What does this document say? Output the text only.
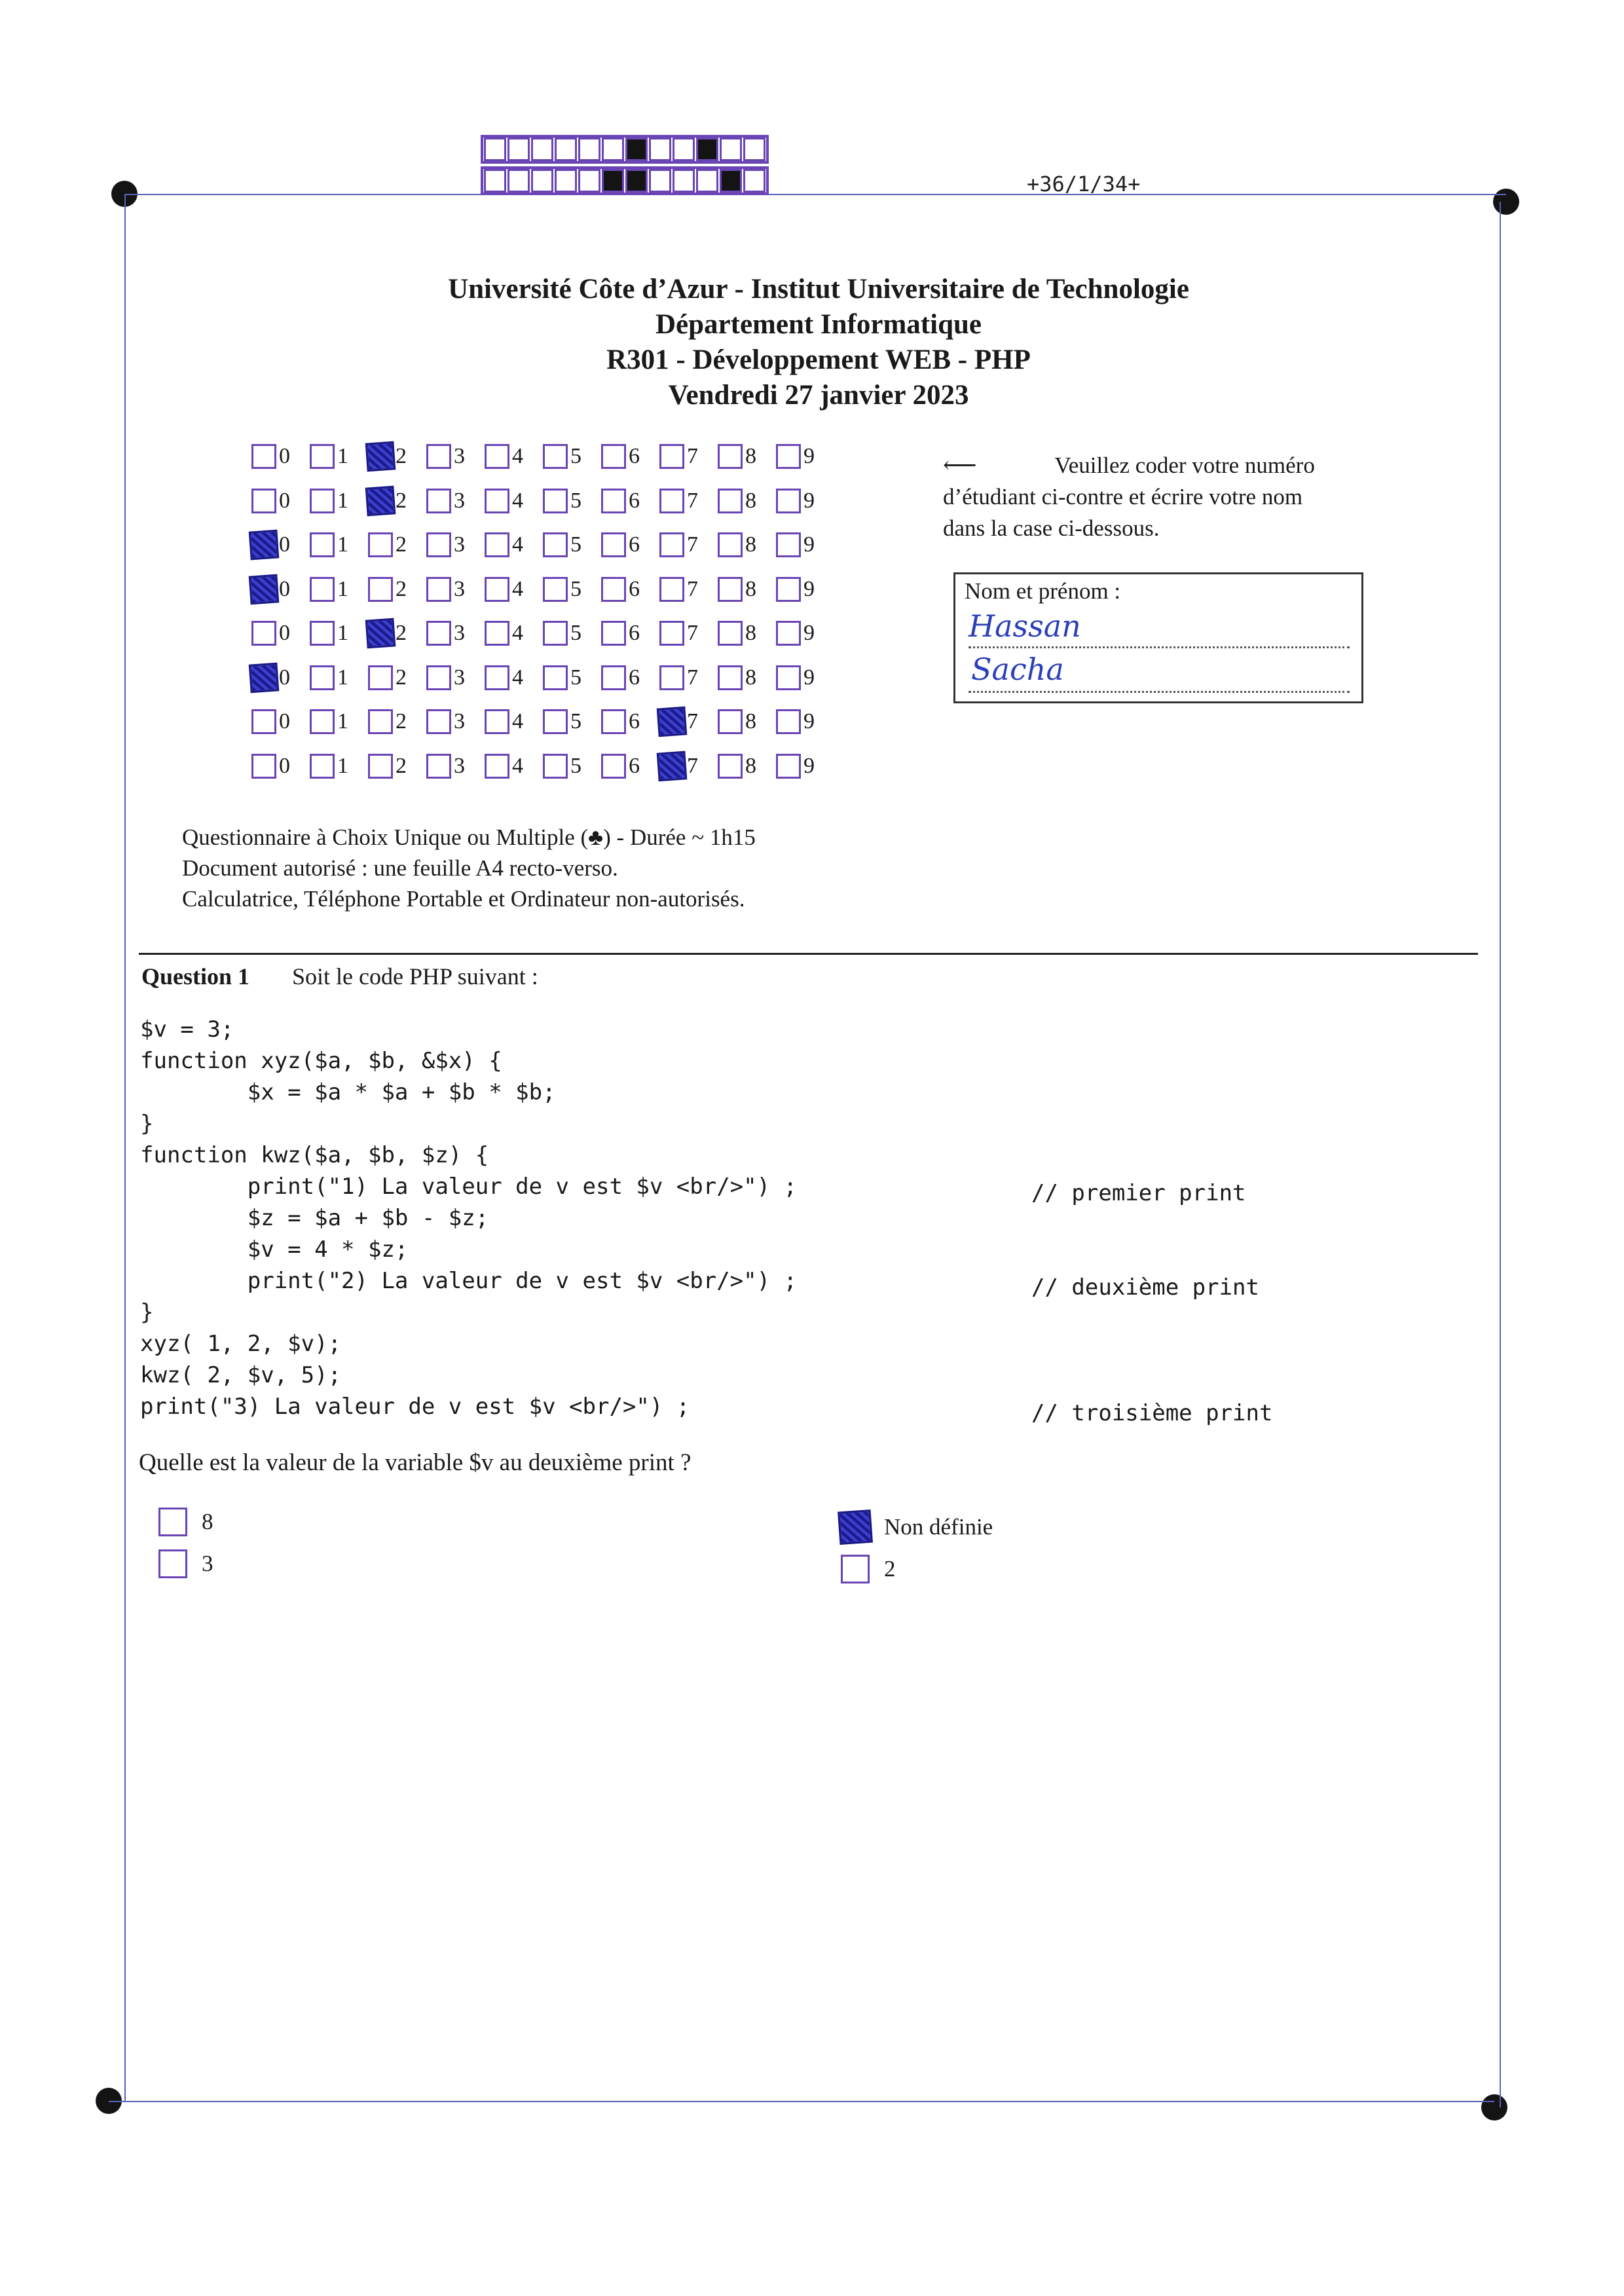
+36/1/34+
Université Côte d’Azur - Institut Universitaire de Technologie
Département Informatique
R301 - Développement WEB - PHP
Vendredi 27 janvier 2023
0 1 2 3 4 5 6 7 8 9
0 1 2 3 4 5 6 7 8 9
0 1 2 3 4 5 6 7 8 9
0 1 2 3 4 5 6 7 8 9
0 1 2 3 4 5 6 7 8 9
0 1 2 3 4 5 6 7 8 9
0 1 2 3 4 5 6 7 8 9
0 1 2 3 4 5 6 7 8 9
⟵	Veuillez coder votre numéro
d’étudiant ci-contre et écrire votre nom
dans la case ci-dessous.
Nom et prénom :
Hassan
Sacha
Questionnaire à Choix Unique ou Multiple (♣) - Durée ~ 1h15
Document autorisé : une feuille A4 recto-verso.
Calculatrice, Téléphone Portable et Ordinateur non-autorisés.
Question 1 Soit le code PHP suivant :
$v = 3;
function xyz($a, $b, &$x) {
$x = $a * $a + $b * $b;
}
function kwz($a, $b, $z) {
print("1) La valeur de v est $v <br/>") ;
$z = $a + $b - $z;
$v = 4 * $z;
print("2) La valeur de v est $v <br/>") ;
}
xyz( 1, 2, $v);
kwz( 2, $v, 5);
print("3) La valeur de v est $v <br/>") ;
// premier print
// deuxième print
// troisième print
Quelle est la valeur de la variable $v au deuxième print ?
8
3
Non définie
2
